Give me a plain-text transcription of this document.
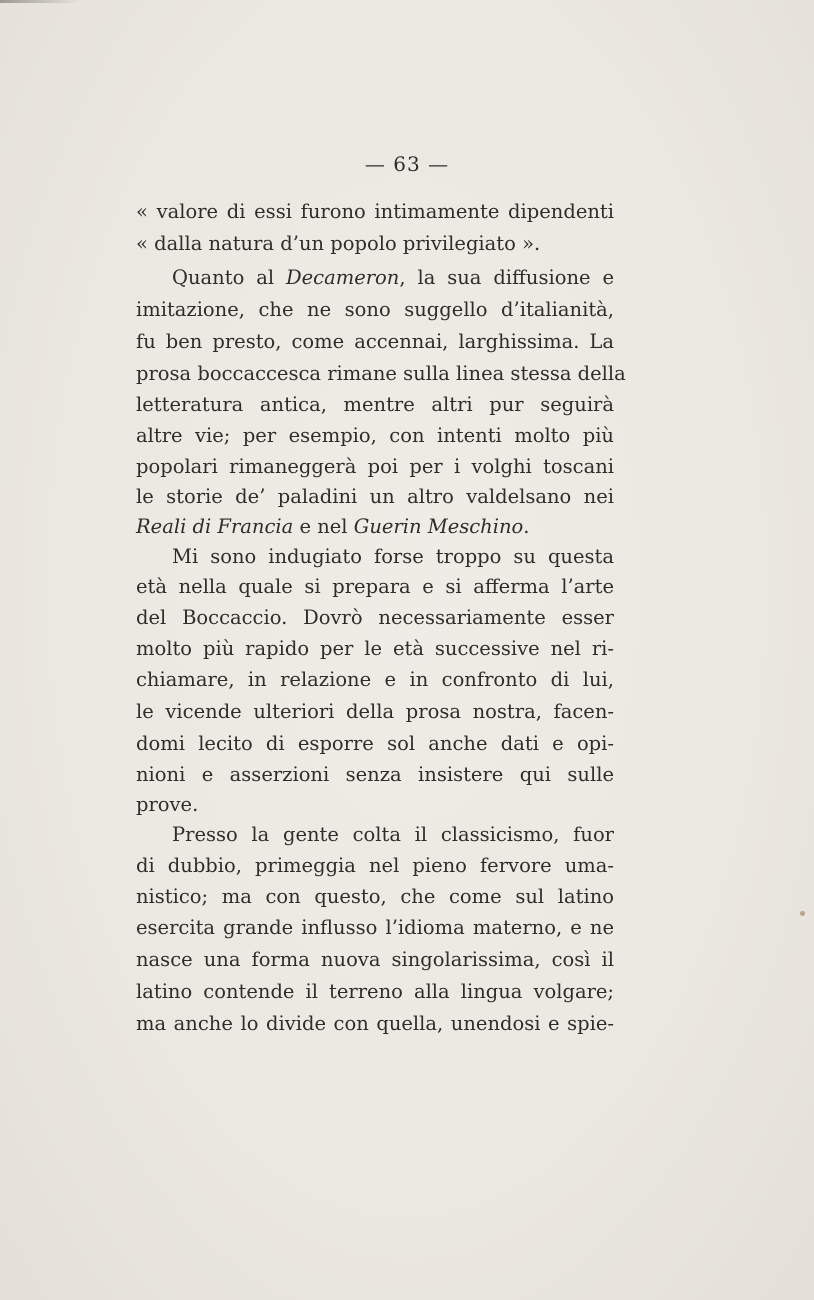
— 63 —
« valore di essi furono intimamente dipendenti
« dalla natura d’un popolo privilegiato ».
Quanto al Decameron, la sua diffusione e
imitazione, che ne sono suggello d’italianità,
fu ben presto, come accennai, larghissima. La
prosa boccaccesca rimane sulla linea stessa della
letteratura antica, mentre altri pur seguirà
altre vie; per esempio, con intenti molto più
popolari rimaneggerà poi per i volghi toscani
le storie de’ paladini un altro valdelsano nei
Reali di Francia e nel Guerin Meschino.
Mi sono indugiato forse troppo su questa
età nella quale si prepara e si afferma l’arte
del Boccaccio. Dovrò necessariamente esser
molto più rapido per le età successive nel ri-
chiamare, in relazione e in confronto di lui,
le vicende ulteriori della prosa nostra, facen-
domi lecito di esporre sol anche dati e opi-
nioni e asserzioni senza insistere qui sulle
prove.
Presso la gente colta il classicismo, fuor
di dubbio, primeggia nel pieno fervore uma-
nistico; ma con questo, che come sul latino
esercita grande influsso l’idioma materno, e ne
nasce una forma nuova singolarissima, così il
latino contende il terreno alla lingua volgare;
ma anche lo divide con quella, unendosi e spie-
